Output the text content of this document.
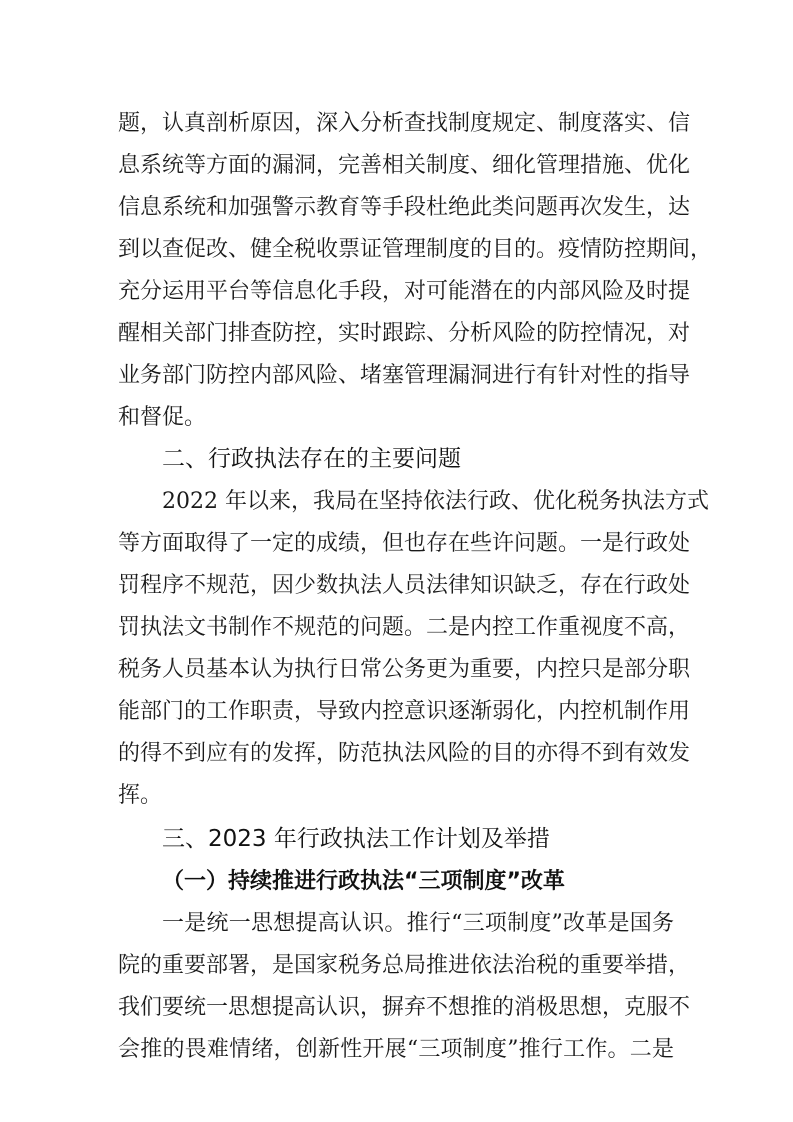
题，认真剖析原因，深入分析查找制度规定、制度落实、信
息系统等方面的漏洞，完善相关制度、细化管理措施、优化
信息系统和加强警示教育等手段杜绝此类问题再次发生，达
到以查促改、健全税收票证管理制度的目的。疫情防控期间，
充分运用平台等信息化手段，对可能潜在的内部风险及时提
醒相关部门排查防控，实时跟踪、分析风险的防控情况，对
业务部门防控内部风险、堵塞管理漏洞进行有针对性的指导
和督促。
二、行政执法存在的主要问题
2022 年以来，我局在坚持依法行政、优化税务执法方式
等方面取得了一定的成绩，但也存在些许问题。一是行政处
罚程序不规范，因少数执法人员法律知识缺乏，存在行政处
罚执法文书制作不规范的问题。二是内控工作重视度不高，
税务人员基本认为执行日常公务更为重要，内控只是部分职
能部门的工作职责，导致内控意识逐渐弱化，内控机制作用
的得不到应有的发挥，防范执法风险的目的亦得不到有效发
挥。
三、2023 年行政执法工作计划及举措
（一）持续推进行政执法“三项制度”改革
一是统一思想提高认识。推行“三项制度”改革是国务
院的重要部署，是国家税务总局推进依法治税的重要举措，
我们要统一思想提高认识，摒弃不想推的消极思想，克服不
会推的畏难情绪，创新性开展“三项制度”推行工作。二是
